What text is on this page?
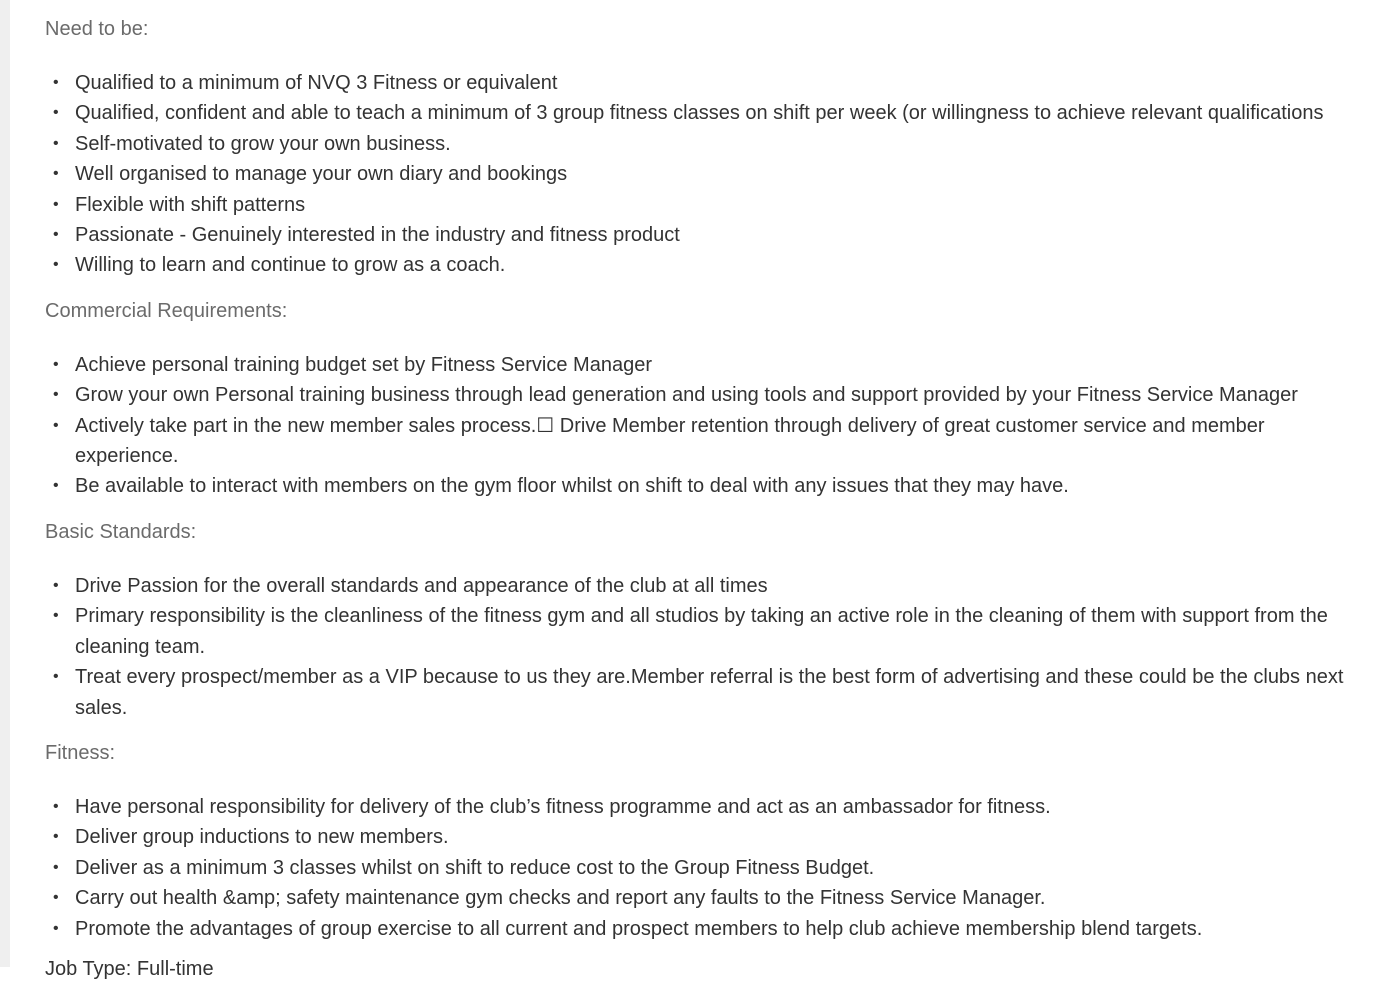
Need to be:
• Qualified to a minimum of NVQ 3 Fitness or equivalent
• Qualified, confident and able to teach a minimum of 3 group fitness classes on shift per week (or willingness to achieve relevant qualifications
• Self-motivated to grow your own business.
• Well organised to manage your own diary and bookings
• Flexible with shift patterns
• Passionate - Genuinely interested in the industry and fitness product
• Willing to learn and continue to grow as a coach.
Commercial Requirements:
• Achieve personal training budget set by Fitness Service Manager
• Grow your own Personal training business through lead generation and using tools and support provided by your Fitness Service Manager
• Actively take part in the new member sales process.☐ Drive Member retention through delivery of great customer service and member experience.
• Be available to interact with members on the gym floor whilst on shift to deal with any issues that they may have.
Basic Standards:
• Drive Passion for the overall standards and appearance of the club at all times
• Primary responsibility is the cleanliness of the fitness gym and all studios by taking an active role in the cleaning of them with support from the cleaning team.
• Treat every prospect/member as a VIP because to us they are.Member referral is the best form of advertising and these could be the clubs next sales.
Fitness:
• Have personal responsibility for delivery of the club’s fitness programme and act as an ambassador for fitness.
• Deliver group inductions to new members.
• Deliver as a minimum 3 classes whilst on shift to reduce cost to the Group Fitness Budget.
• Carry out health &amp; safety maintenance gym checks and report any faults to the Fitness Service Manager.
• Promote the advantages of group exercise to all current and prospect members to help club achieve membership blend targets.
Job Type: Full-time
